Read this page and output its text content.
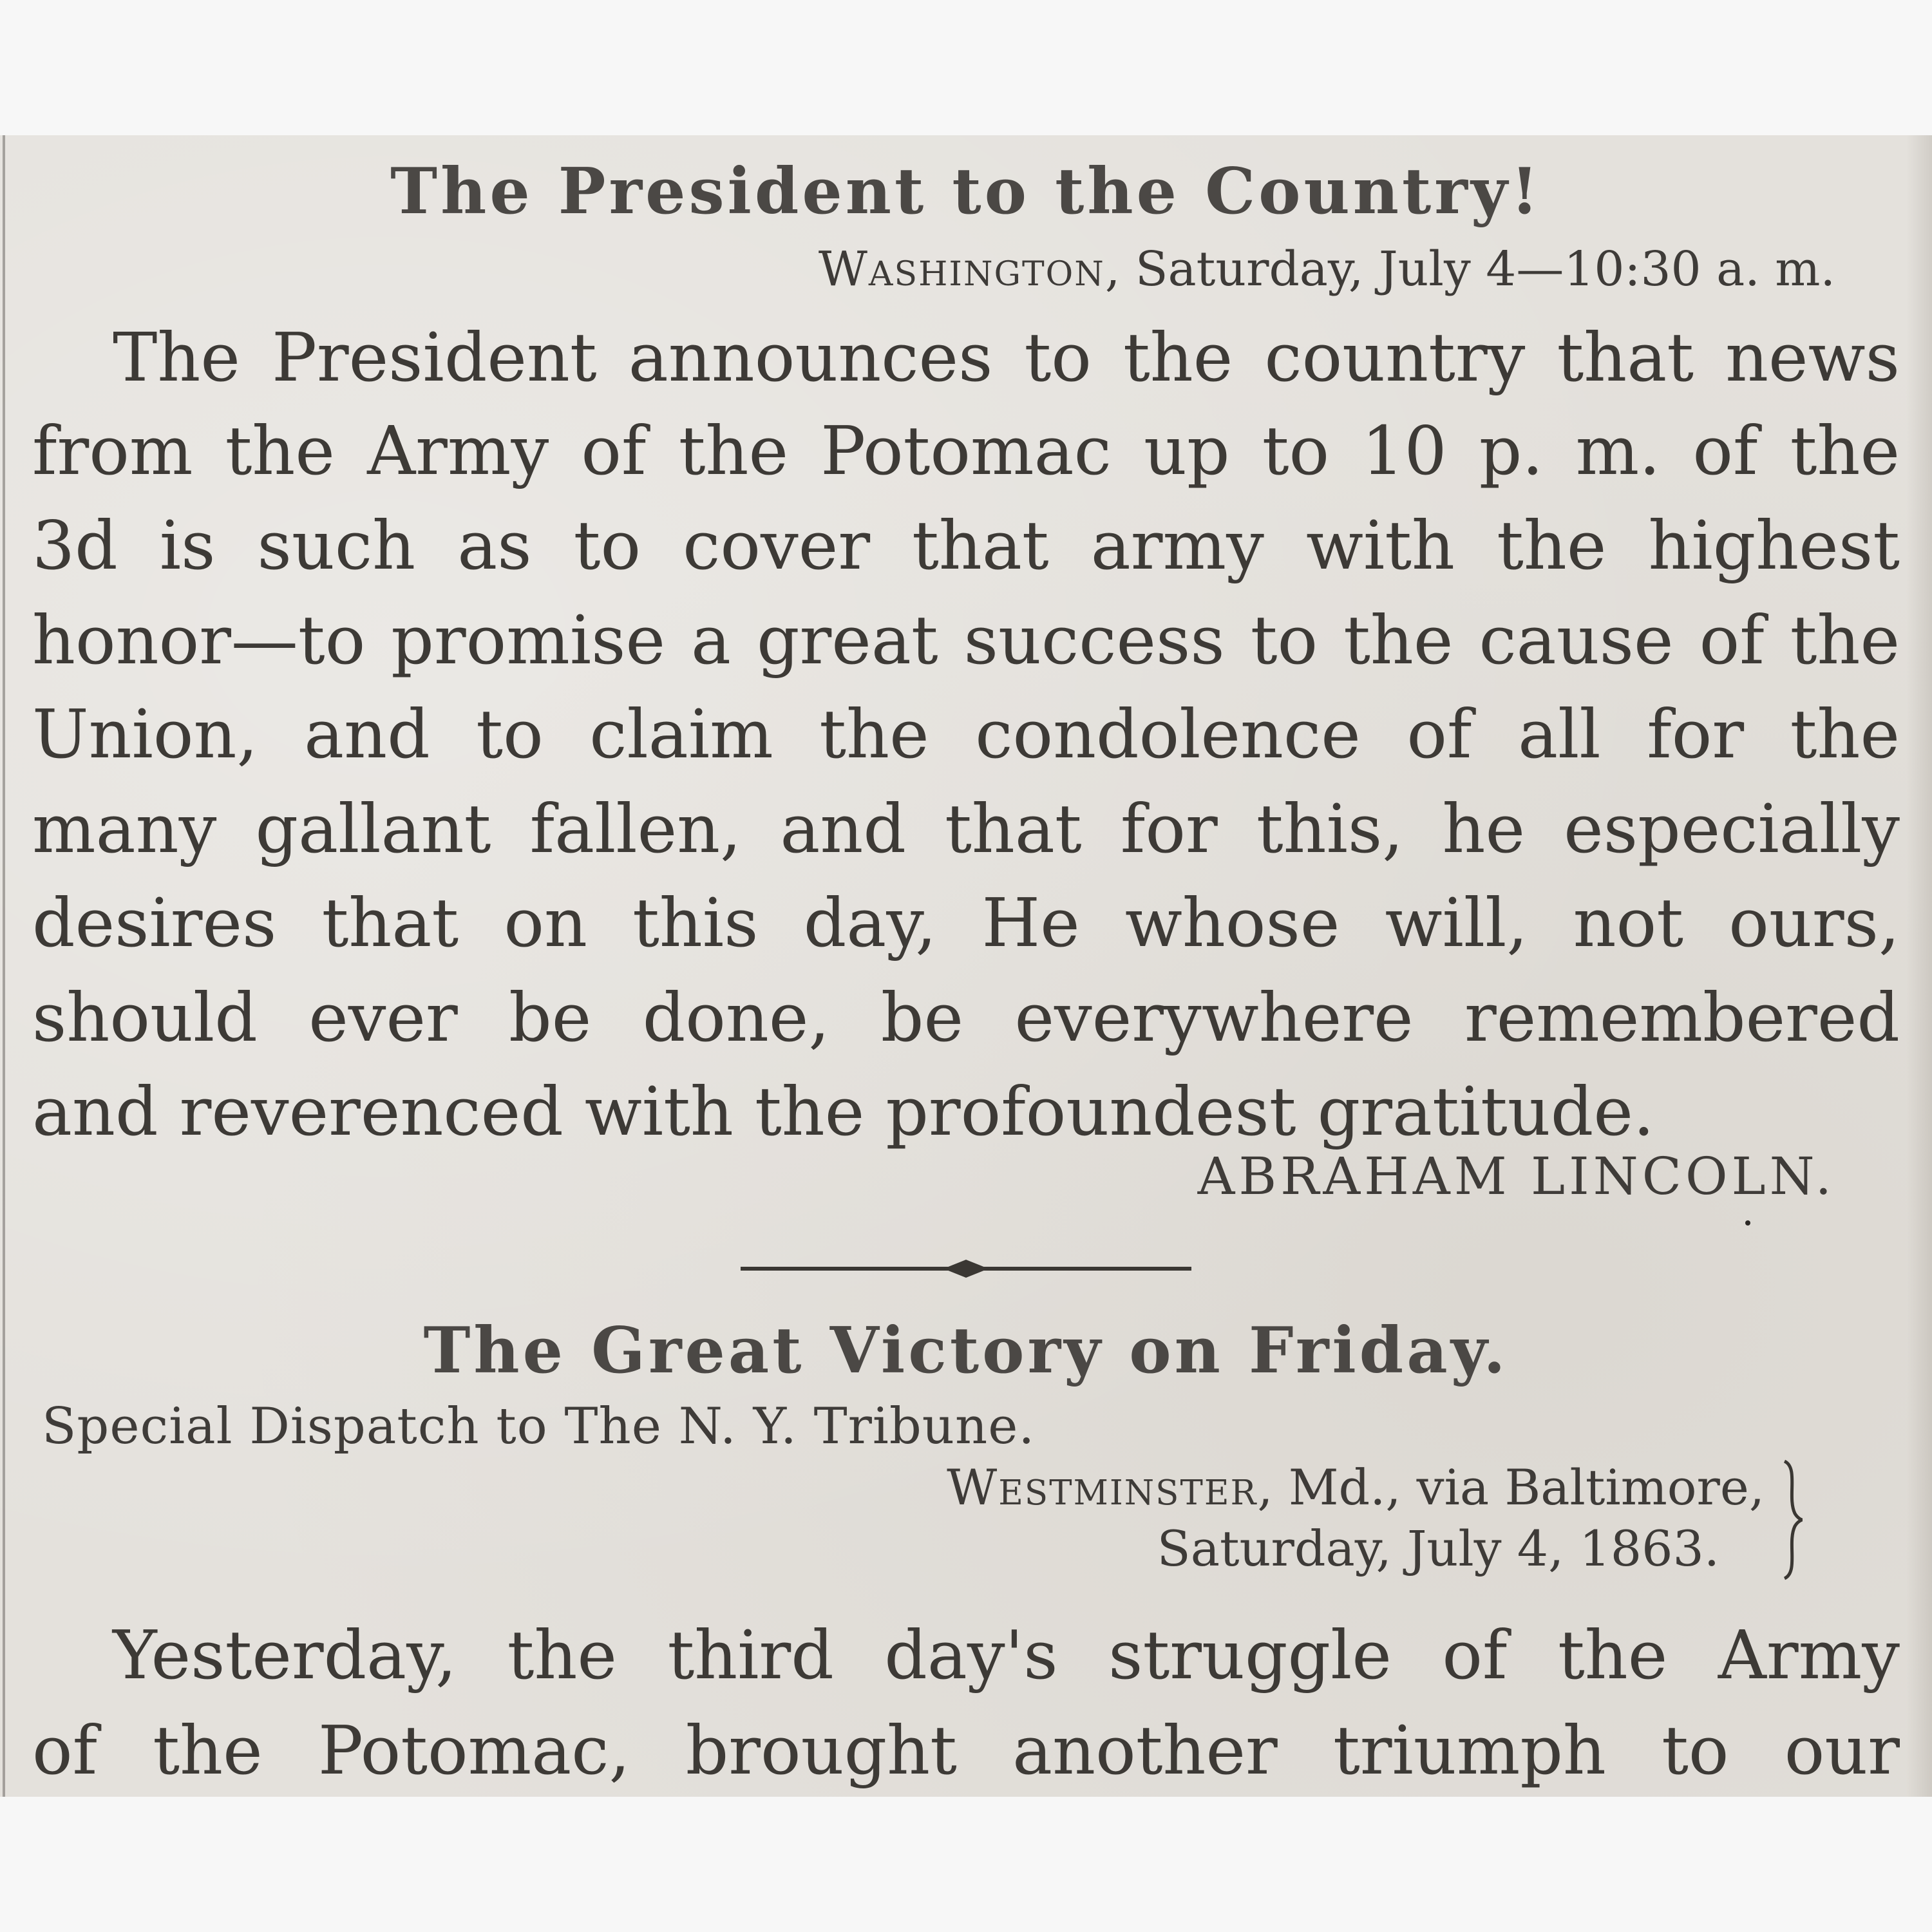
The President to the Country!
Washington, Saturday, July 4—10:30 a. m.
The President announces to the country that news
from the Army of the Potomac up to 10 p. m. of the
3d is such as to cover that army with the highest
honor—to promise a great success to the cause of the
Union, and to claim the condolence of all for the
many gallant fallen, and that for this, he especially
desires that on this day, He whose will, not ours,
should ever be done, be everywhere remembered
and reverenced with the profoundest gratitude.
ABRAHAM LINCOLN.
The Great Victory on Friday.
Special Dispatch to The N. Y. Tribune.
Westminster, Md., via Baltimore,
Saturday, July 4, 1863.
Yesterday, the third day's struggle of the Army
of the Potomac, brought another triumph to our
